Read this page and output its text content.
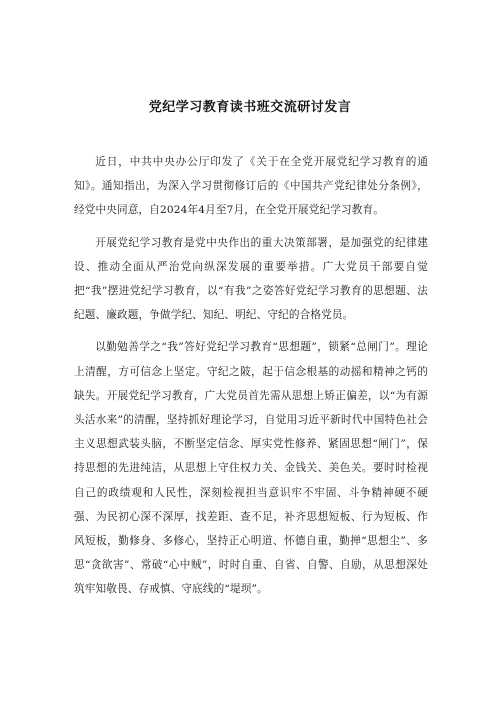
党纪学习教育读书班交流研讨发言

近日，中共中央办公厅印发了《关于在全党开展党纪学习教育的通知》。通知指出，为深入学习贯彻修订后的《中国共产党纪律处分条例》，经党中央同意，自2024年4月至7月，在全党开展党纪学习教育。

开展党纪学习教育是党中央作出的重大决策部署，是加强党的纪律建设、推动全面从严治党向纵深发展的重要举措。广大党员干部要自觉把“我”摆进党纪学习教育，以“有我”之姿答好党纪学习教育的思想题、法纪题、廉政题，争做学纪、知纪、明纪、守纪的合格党员。

以勤勉善学之“我”答好党纪学习教育“思想题”，锁紧“总闸门”。理论上清醒，方可信念上坚定。守纪之陂，起于信念根基的动摇和精神之钙的缺失。开展党纪学习教育，广大党员首先需从思想上矫正偏差，以“为有源头活水来”的清醒，坚持抓好理论学习，自觉用习近平新时代中国特色社会主义思想武装头脑，不断坚定信念、厚实党性修养、紧固思想“闸门”，保持思想的先进纯洁，从思想上守住权力关、金钱关、美色关。要时时检视自己的政绩观和人民性，深刻检视担当意识牢不牢固、斗争精神硬不硬强、为民初心深不深厚，找差距、查不足，补齐思想短板、行为短板、作风短板，勤修身、多修心，坚持正心明道、怀德自重，勤掸“思想尘”、多思“贪欲害”、常破“心中贼”，时时自重、自省、自警、自励，从思想深处筑牢知敬畏、存戒慎、守底线的“堤坝”。
